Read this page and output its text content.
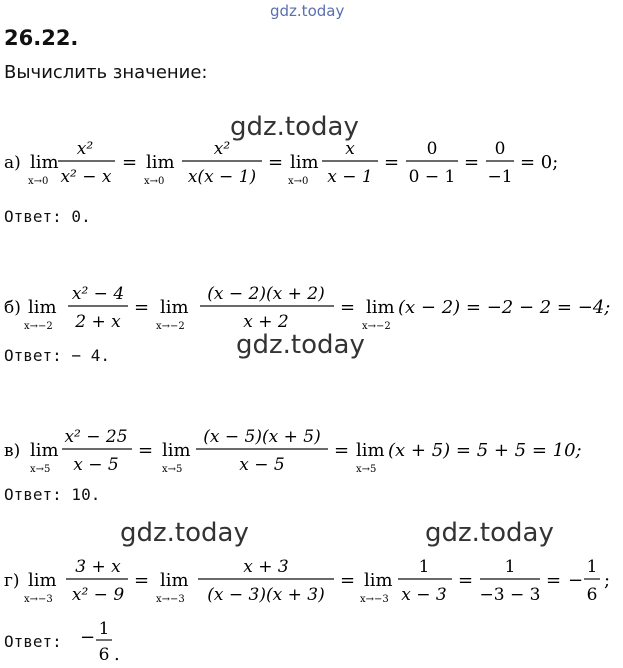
gdz.today
gdz.today
gdz.today
gdz.today	gdz.today
26.22.
Вычислить значение:
а) lim
x→0
x²
x² − x
= lim
x→0
x²
x(x − 1)
= lim
x→0
x
x − 1
=
0
0 − 1
=
0
−1
= 0;
Ответ: 0.
б) lim
x→−2
x² − 4
2 + x
= lim
x→−2
(x − 2)(x + 2)
x + 2
= lim
x→−2
(x − 2) = −2 − 2 = −4;
Ответ: − 4.
в) lim
x→5
x² − 25
x − 5
= lim
x→5
(x − 5)(x + 5)
x − 5
= lim
x→5
(x + 5) = 5 + 5 = 10;
Ответ: 10.
г) lim
x→−3
3 + x
x² − 9
= lim
x→−3
x + 3
(x − 3)(x + 3)
= lim
x→−3
1
x − 3
=
1
−3 − 3
= −
1
6
;
Ответ: − 1
6 .
